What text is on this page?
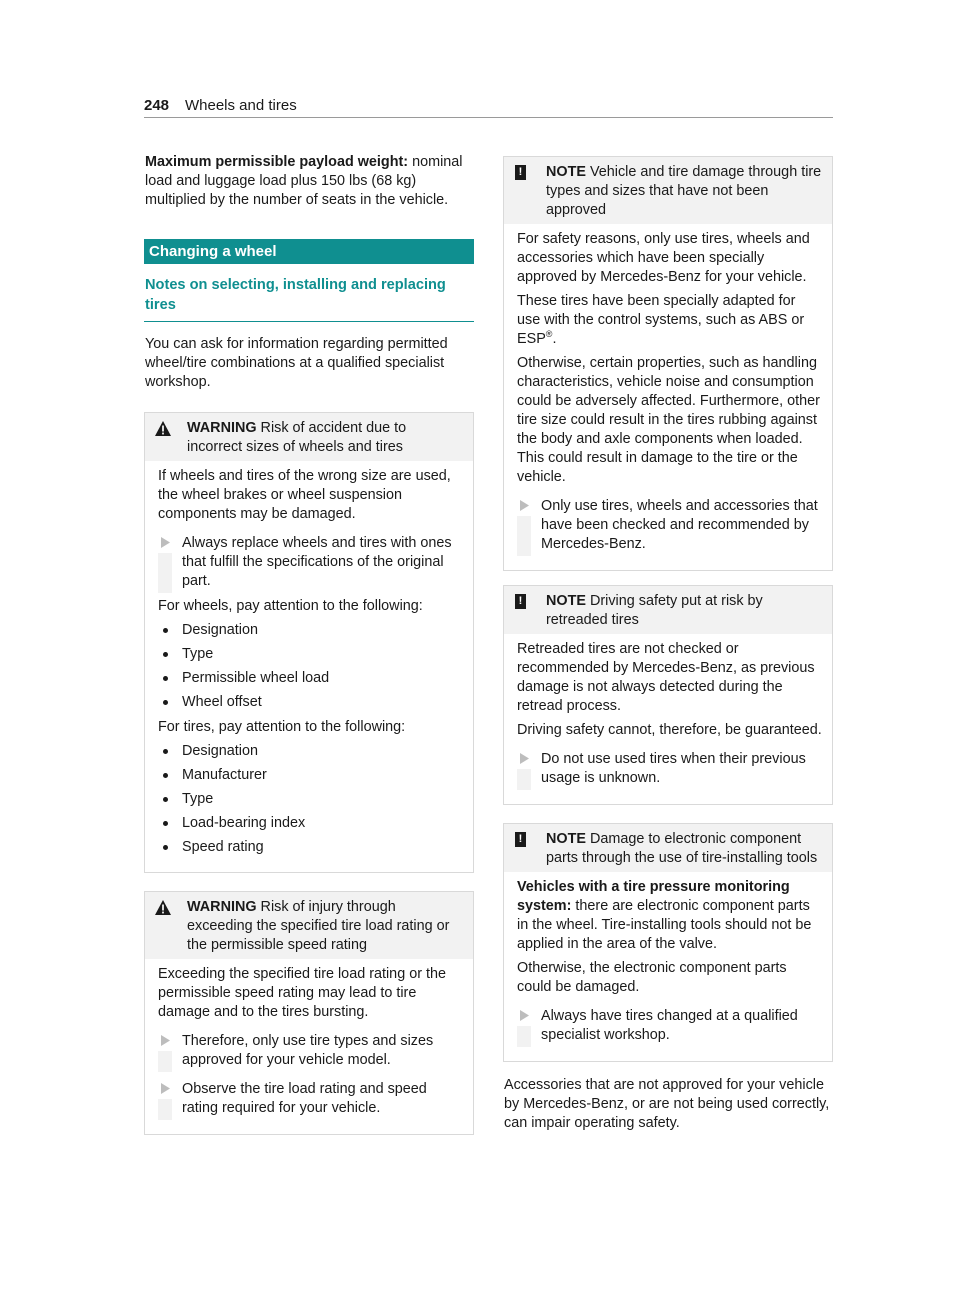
248 Wheels and tires

Maximum permissible payload weight: nominal load and luggage load plus 150 lbs (68 kg) multiplied by the number of seats in the vehicle.

Changing a wheel
Notes on selecting, installing and replacing tires

You can ask for information regarding permitted wheel/tire combinations at a qualified specialist workshop.

WARNING Risk of accident due to incorrect sizes of wheels and tires

If wheels and tires of the wrong size are used, the wheel brakes or wheel suspension components may be damaged.

Always replace wheels and tires with ones that fulfill the specifications of the original part.

For wheels, pay attention to the following:

Designation
Type
Permissible wheel load
Wheel offset

For tires, pay attention to the following:

Designation
Manufacturer
Type
Load-bearing index
Speed rating
WARNING Risk of injury through exceeding the specified tire load rating or the permissible speed rating

Exceeding the specified tire load rating or the permissible speed rating may lead to tire damage and to the tires bursting.

Therefore, only use tire types and sizes approved for your vehicle model.
Observe the tire load rating and speed rating required for your vehicle.
!	NOTE Vehicle and tire damage through tire types and sizes that have not been approved

For safety reasons, only use tires, wheels and accessories which have been specially approved by Mercedes-Benz for your vehicle.

These tires have been specially adapted for use with the control systems, such as ABS or ESP®.

Otherwise, certain properties, such as handling characteristics, vehicle noise and consumption could be adversely affected. Furthermore, other tire size could result in the tires rubbing against the body and axle components when loaded. This could result in damage to the tire or the vehicle.

Only use tires, wheels and accessories that have been checked and recommended by Mercedes-Benz.
!	NOTE Driving safety put at risk by retreaded tires

Retreaded tires are not checked or recommended by Mercedes-Benz, as previous damage is not always detected during the retread process.

Driving safety cannot, therefore, be guaranteed.

Do not use used tires when their previous usage is unknown.
!	NOTE Damage to electronic component parts through the use of tire-installing tools

Vehicles with a tire pressure monitoring system: there are electronic component parts in the wheel. Tire-installing tools should not be applied in the area of the valve.

Otherwise, the electronic component parts could be damaged.

Always have tires changed at a qualified specialist workshop.

Accessories that are not approved for your vehicle by Mercedes-Benz, or are not being used correctly, can impair operating safety.
